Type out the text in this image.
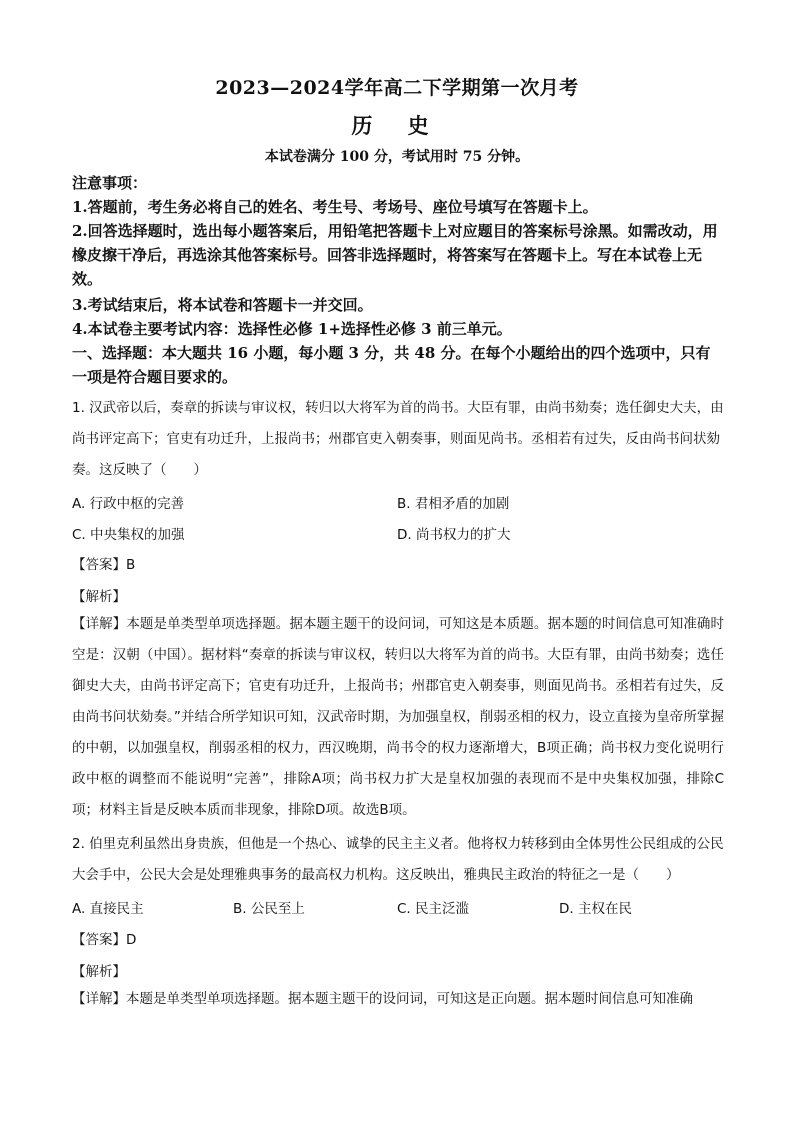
2023—2024学年高二下学期第一次月考
历 史
本试卷满分 100 分，考试用时 75 分钟。
注意事项：
1.答题前，考生务必将自己的姓名、考生号、考场号、座位号填写在答题卡上。
2.回答选择题时，选出每小题答案后，用铅笔把答题卡上对应题目的答案标号涂黑。如需改动，用橡皮擦干净后，再选涂其他答案标号。回答非选择题时，将答案写在答题卡上。写在本试卷上无效。
3.考试结束后，将本试卷和答题卡一并交回。
4.本试卷主要考试内容：选择性必修 1+选择性必修 3 前三单元。
一、选择题：本大题共 16 小题，每小题 3 分，共 48 分。在每个小题给出的四个选项中，只有一项是符合题目要求的。
1. 汉武帝以后，奏章的拆读与审议权，转归以大将军为首的尚书。大臣有罪，由尚书劾奏；选任御史大夫，由尚书评定高下；官吏有功迁升，上报尚书；州郡官吏入朝奏事，则面见尚书。丞相若有过失，反由尚书问状劾奏。这反映了（　　）
A. 行政中枢的完善	B. 君相矛盾的加剧
C. 中央集权的加强	D. 尚书权力的扩大
【答案】B
【解析】
【详解】本题是单类型单项选择题。据本题主题干的设问词，可知这是本质题。据本题的时间信息可知准确时空是：汉朝（中国）。据材料“奏章的拆读与审议权，转归以大将军为首的尚书。大臣有罪，由尚书劾奏；选任御史大夫，由尚书评定高下；官吏有功迁升，上报尚书；州郡官吏入朝奏事，则面见尚书。丞相若有过失，反由尚书问状劾奏。”并结合所学知识可知，汉武帝时期，为加强皇权，削弱丞相的权力，设立直接为皇帝所掌握的中朝，以加强皇权，削弱丞相的权力，西汉晚期，尚书令的权力逐渐增大，B项正确；尚书权力变化说明行政中枢的调整而不能说明“完善”，排除A项；尚书权力扩大是皇权加强的表现而不是中央集权加强，排除C项；材料主旨是反映本质而非现象，排除D项。故选B项。
2. 伯里克利虽然出身贵族，但他是一个热心、诚挚的民主主义者。他将权力转移到由全体男性公民组成的公民大会手中，公民大会是处理雅典事务的最高权力机构。这反映出，雅典民主政治的特征之一是（　　）
A. 直接民主	B. 公民至上	C. 民主泛滥	D. 主权在民
【答案】D
【解析】
【详解】本题是单类型单项选择题。据本题主题干的设问词，可知这是正向题。据本题时间信息可知准确
